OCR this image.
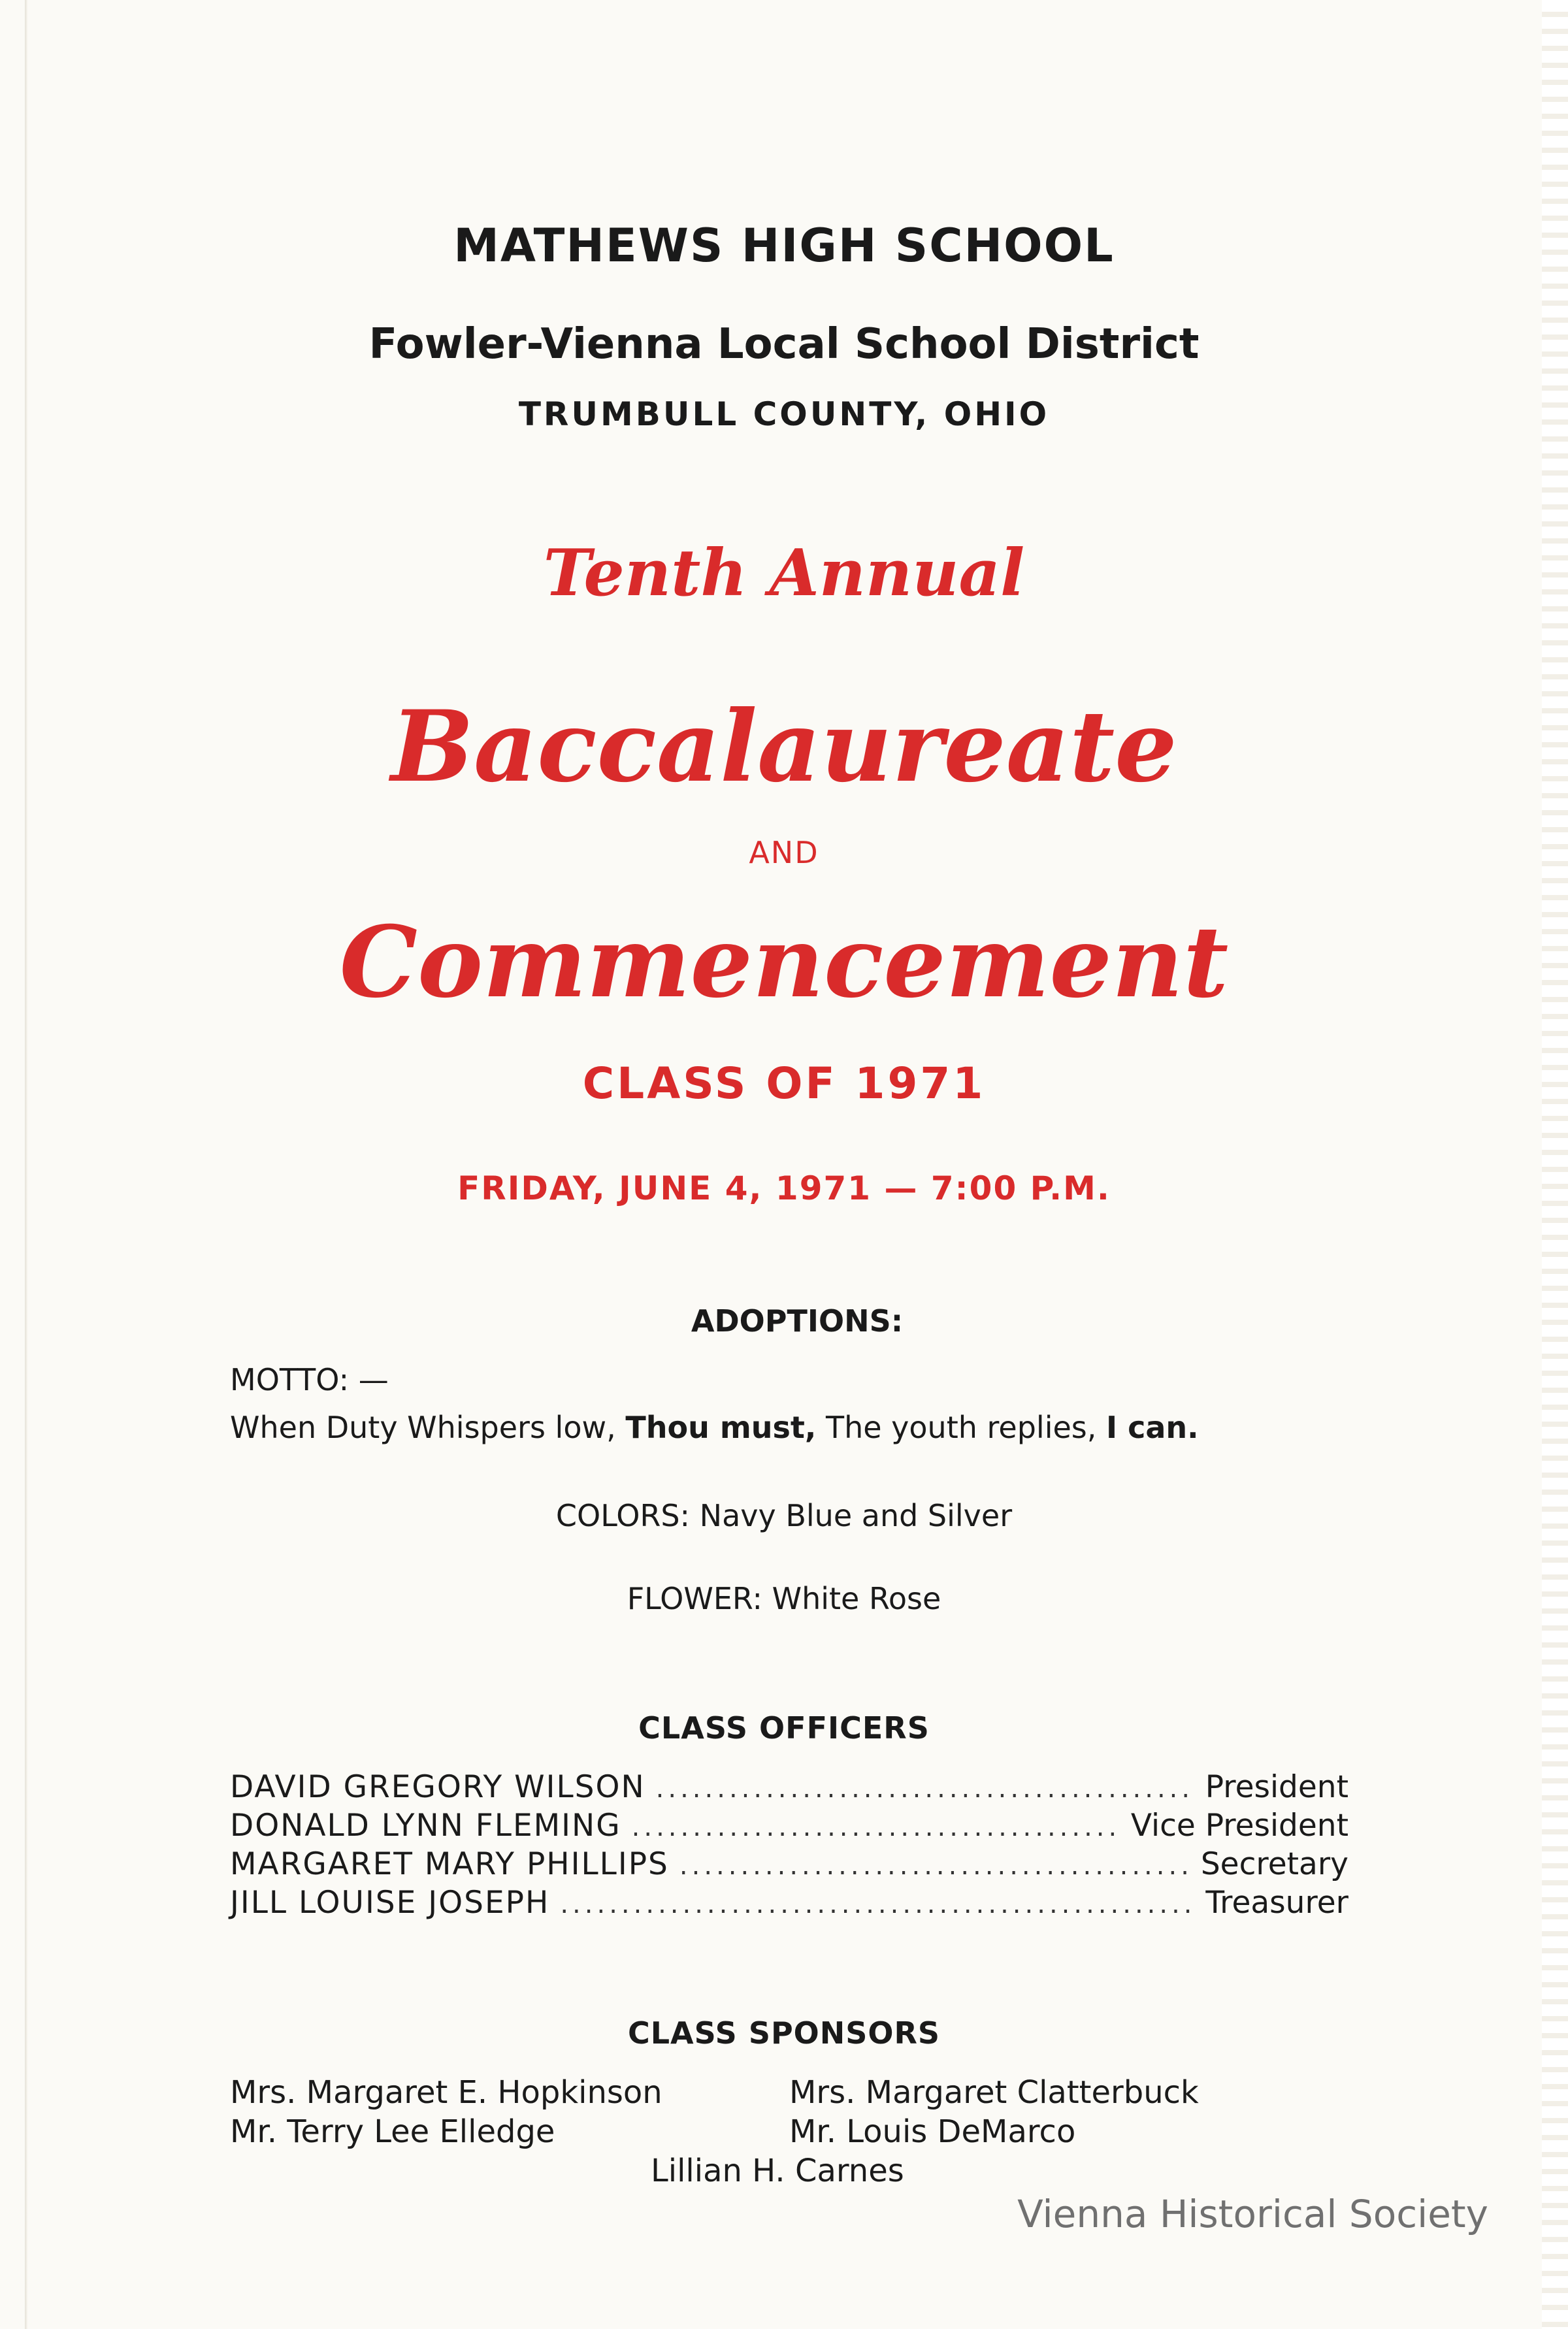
MATHEWS HIGH SCHOOL
Fowler-Vienna Local School District
TRUMBULL COUNTY, OHIO
Tenth Annual
Baccalaureate
AND
Commencement
CLASS OF 1971
FRIDAY, JUNE 4, 1971 — 7:00 P.M.
ADOPTIONS:
MOTTO: —
When Duty Whispers low, Thou must, The youth replies, I can.
COLORS: Navy Blue and Silver
FLOWER: White Rose
CLASS OFFICERS
DAVID GREGORY WILSON .....	President
DONALD LYNN FLEMING .....	Vice President
MARGARET MARY PHILLIPS .....	Secretary
JILL LOUISE JOSEPH .....	Treasurer
CLASS SPONSORS
Mrs. Margaret E. Hopkinson	Mrs. Margaret Clatterbuck
Mr. Terry Lee Elledge	Mr. Louis DeMarco
Lillian H. Carnes
Vienna Historical Society
